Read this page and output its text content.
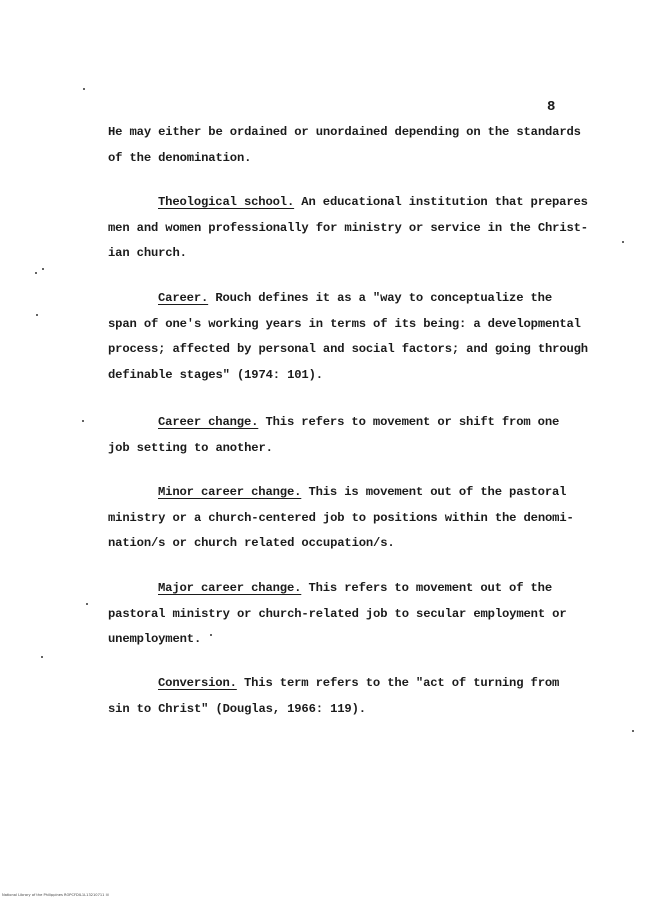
8
He may either be ordained or unordained depending on the standards
of the denomination.
Theological school. An educational institution that prepares
men and women professionally for ministry or service in the Christ-
ian church.
Career. Rouch defines it as a "way to conceptualize the
span of one's working years in terms of its being: a developmental
process; affected by personal and social factors; and going through
definable stages" (1974: 101).
Career change. This refers to movement or shift from one
job setting to another.
Minor career change. This is movement out of the pastoral
ministry or a church-centered job to positions within the denomi-
nation/s or church related occupation/s.
Major career change. This refers to movement out of the
pastoral ministry or church-related job to secular employment or
unemployment.
Conversion. This term refers to the "act of turning from
sin to Christ" (Douglas, 1966: 119).
National Library of the Philippines ROPCFDIL1L13210711 lil
